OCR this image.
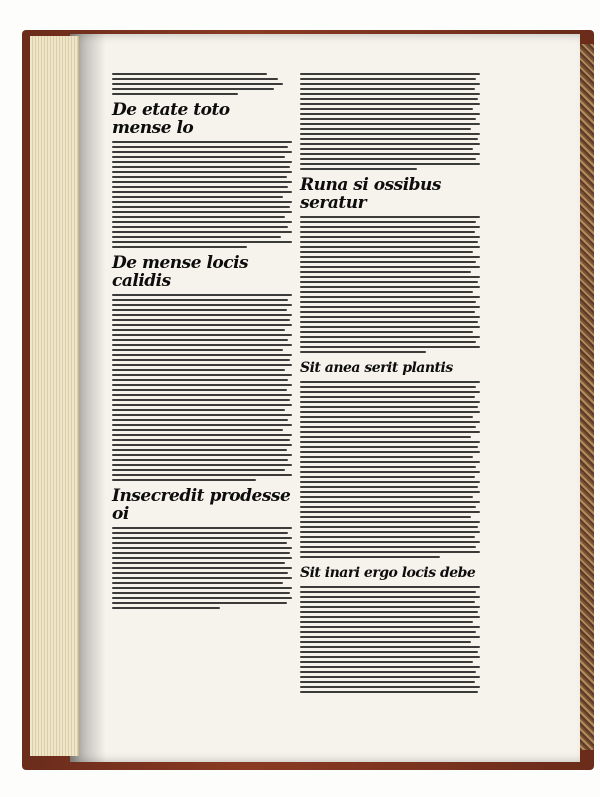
De etate toto mense lo
De mense locis calidis
Insecredit prodesse oi
Runa si ossibus seratur
Sit anea serit plantis
Sit inari ergo locis debe
